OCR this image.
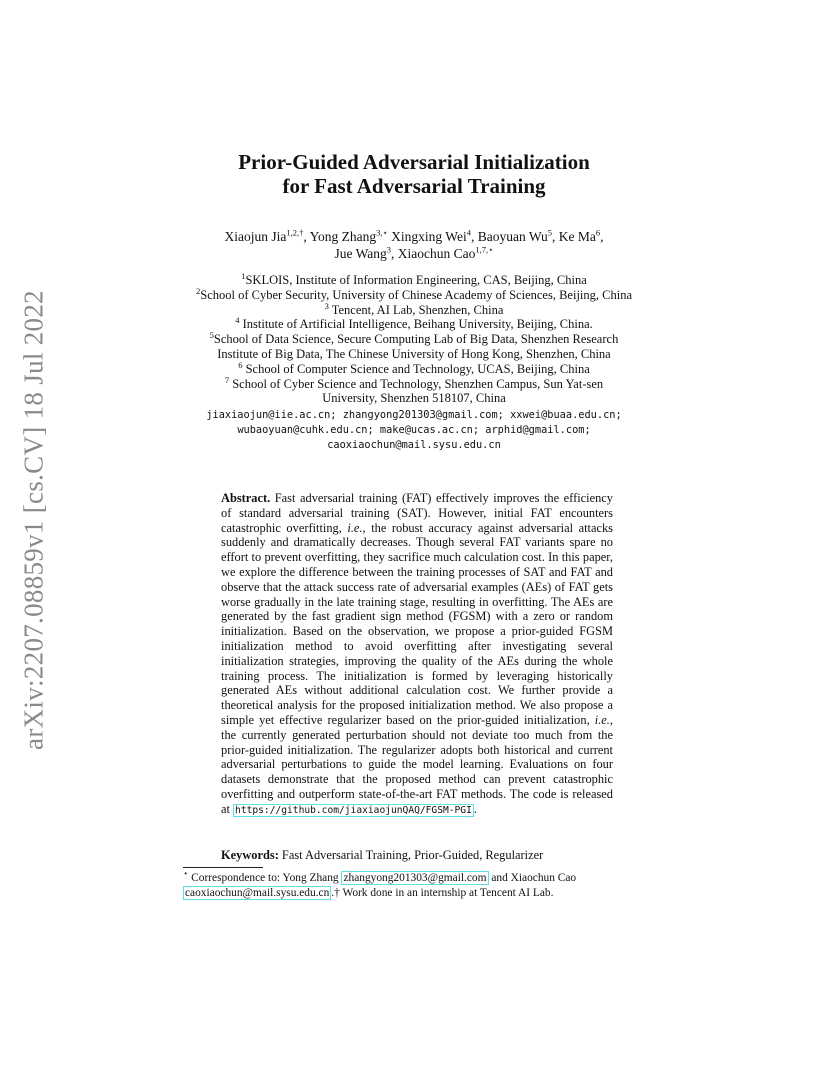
arXiv:2207.08859v1 [cs.CV] 18 Jul 2022
Prior-Guided Adversarial Initialization
for Fast Adversarial Training
Xiaojun Jia$^{1,2,\dagger}$, Yong Zhang$^{3,⋆}$ Xingxing Wei$^4$, Baoyuan Wu$^5$, Ke Ma$^6$,
Jue Wang$^3$, Xiaochun Cao$^{1,7,⋆}$
$^1$SKLOIS, Institute of Information Engineering, CAS, Beijing, China
$^2$School of Cyber Security, University of Chinese Academy of Sciences, Beijing, China
$^3$ Tencent, AI Lab, Shenzhen, China
$^4$ Institute of Artificial Intelligence, Beihang University, Beijing, China.
$^5$School of Data Science, Secure Computing Lab of Big Data, Shenzhen Research
Institute of Big Data, The Chinese University of Hong Kong, Shenzhen, China
$^6$ School of Computer Science and Technology, UCAS, Beijing, China
$^7$ School of Cyber Science and Technology, Shenzhen Campus, Sun Yat-sen
University, Shenzhen 518107, China
jiaxiaojun@iie.ac.cn; zhangyong201303@gmail.com; xxwei@buaa.edu.cn;
wubaoyuan@cuhk.edu.cn; make@ucas.ac.cn; arphid@gmail.com;
caoxiaochun@mail.sysu.edu.cn
Abstract. Fast adversarial training (FAT) effectively improves the efficiency of standard adversarial training (SAT). However, initial FAT encounters catastrophic overfitting, i.e., the robust accuracy against adversarial attacks suddenly and dramatically decreases. Though several FAT variants spare no effort to prevent overfitting, they sacrifice much calculation cost. In this paper, we explore the difference between the training processes of SAT and FAT and observe that the attack success rate of adversarial examples (AEs) of FAT gets worse gradually in the late training stage, resulting in overfitting. The AEs are generated by the fast gradient sign method (FGSM) with a zero or random initialization. Based on the observation, we propose a prior-guided FGSM initialization method to avoid overfitting after investigating several initialization strategies, improving the quality of the AEs during the whole training process. The initialization is formed by leveraging historically generated AEs without additional calculation cost. We further provide a theoretical analysis for the proposed initialization method. We also propose a simple yet effective regularizer based on the prior-guided initialization, i.e., the currently generated perturbation should not deviate too much from the prior-guided initialization. The regularizer adopts both historical and current adversarial perturbations to guide the model learning. Evaluations on four datasets demonstrate that the proposed method can prevent catastrophic overfitting and outperform state-of-the-art FAT methods. The code is released at https://github.com/jiaxiaojunQAQ/FGSM-PGI .
Keywords: Fast Adversarial Training, Prior-Guided, Regularizer
⋆ Correspondence to: Yong Zhang zhangyong201303@gmail.com and Xiaochun Cao
caoxiaochun@mail.sysu.edu.cn .† Work done in an internship at Tencent AI Lab.
